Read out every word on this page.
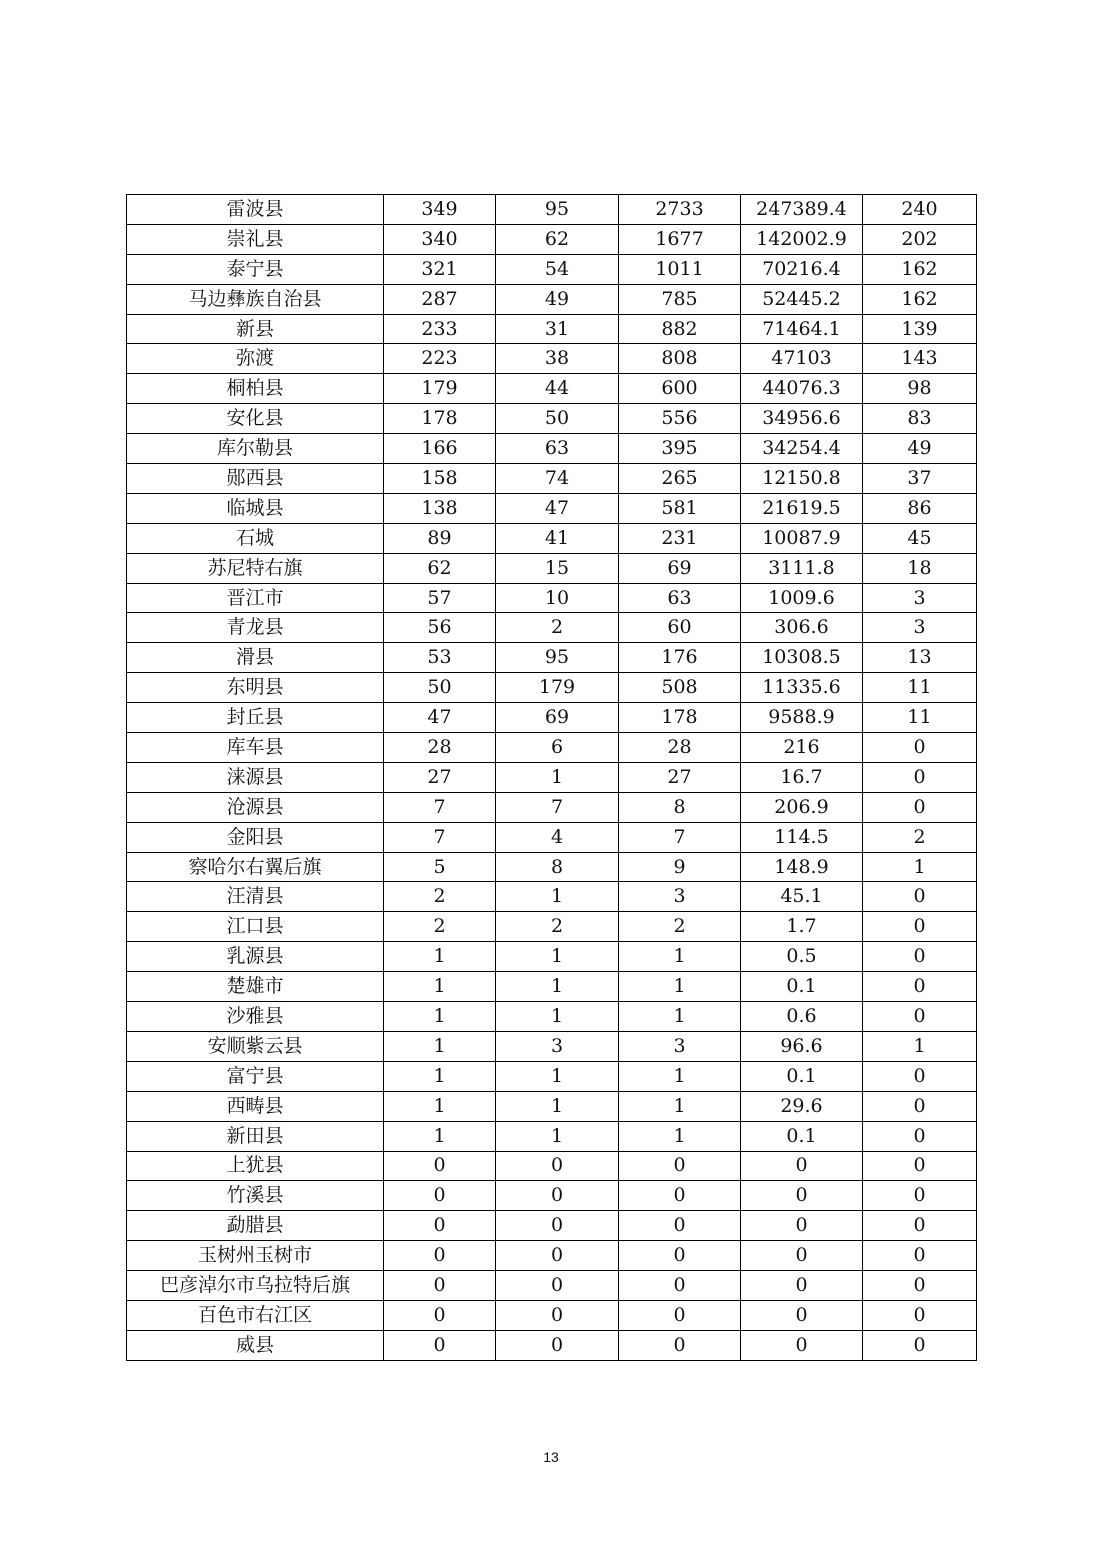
雷波县	349	95	2733	247389.4	240
崇礼县	340	62	1677	142002.9	202
泰宁县	321	54	1011	70216.4	162
马边彝族自治县	287	49	785	52445.2	162
新县	233	31	882	71464.1	139
弥渡	223	38	808	47103	143
桐柏县	179	44	600	44076.3	98
安化县	178	50	556	34956.6	83
库尔勒县	166	63	395	34254.4	49
郧西县	158	74	265	12150.8	37
临城县	138	47	581	21619.5	86
石城	89	41	231	10087.9	45
苏尼特右旗	62	15	69	3111.8	18
晋江市	57	10	63	1009.6	3
青龙县	56	2	60	306.6	3
滑县	53	95	176	10308.5	13
东明县	50	179	508	11335.6	11
封丘县	47	69	178	9588.9	11
库车县	28	6	28	216	0
涞源县	27	1	27	16.7	0
沧源县	7	7	8	206.9	0
金阳县	7	4	7	114.5	2
察哈尔右翼后旗	5	8	9	148.9	1
汪清县	2	1	3	45.1	0
江口县	2	2	2	1.7	0
乳源县	1	1	1	0.5	0
楚雄市	1	1	1	0.1	0
沙雅县	1	1	1	0.6	0
安顺紫云县	1	3	3	96.6	1
富宁县	1	1	1	0.1	0
西畴县	1	1	1	29.6	0
新田县	1	1	1	0.1	0
上犹县	0	0	0	0	0
竹溪县	0	0	0	0	0
勐腊县	0	0	0	0	0
玉树州玉树市	0	0	0	0	0
巴彦淖尔市乌拉特后旗	0	0	0	0	0
百色市右江区	0	0	0	0	0
威县	0	0	0	0	0
13
